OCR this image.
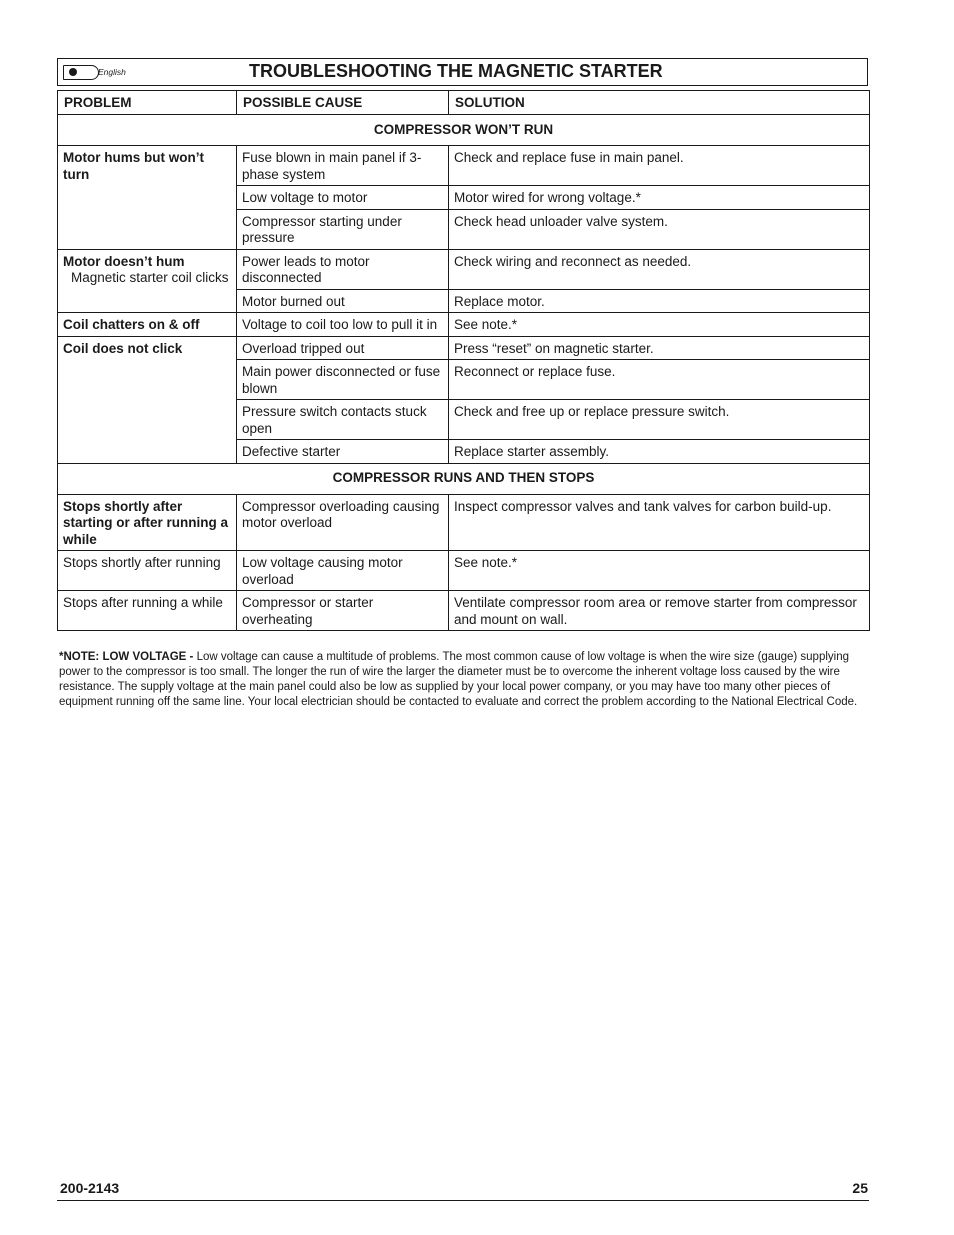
English	TROUBLESHOOTING THE MAGNETIC STARTER
PROBLEM	POSSIBLE CAUSE	SOLUTION
COMPRESSOR WON’T RUN		
Motor hums but won’t turn	Fuse blown in main panel if 3-phase system	Check and replace fuse in main panel.
	Low voltage to motor	Motor wired for wrong voltage.*
	Compressor starting under pressure	Check head unloader valve system.
Motor doesn’t hum
Magnetic starter coil clicks	Power leads to motor disconnected	Check wiring and reconnect as needed.
	Motor burned out	Replace motor.
Coil chatters on & off	Voltage to coil too low to pull it in	See note.*
Coil does not click	Overload tripped out	Press “reset” on magnetic starter.
	Main power disconnected or fuse blown	Reconnect or replace fuse.
	Pressure switch contacts stuck open	Check and free up or replace pressure switch.
	Defective starter	Replace starter assembly.
COMPRESSOR RUNS AND THEN STOPS		
Stops shortly after starting or after running a while	Compressor overloading causing motor overload	Inspect compressor valves and tank valves for carbon build-up.
Stops shortly after running	Low voltage causing motor overload	See note.*
Stops after running a while	Compressor or starter overheating	Ventilate compressor room area or remove starter from compressor and mount on wall.
*NOTE: LOW VOLTAGE - Low voltage can cause a multitude of problems. The most common cause of low voltage is when the wire size (gauge) supplying power to the compressor is too small. The longer the run of wire the larger the diameter must be to overcome the inherent voltage loss caused by the wire resistance. The supply voltage at the main panel could also be low as supplied by your local power company, or you may have too many other pieces of equipment running off the same line. Your local electrician should be contacted to evaluate and correct the problem according to the National Electrical Code.
200-2143	25
